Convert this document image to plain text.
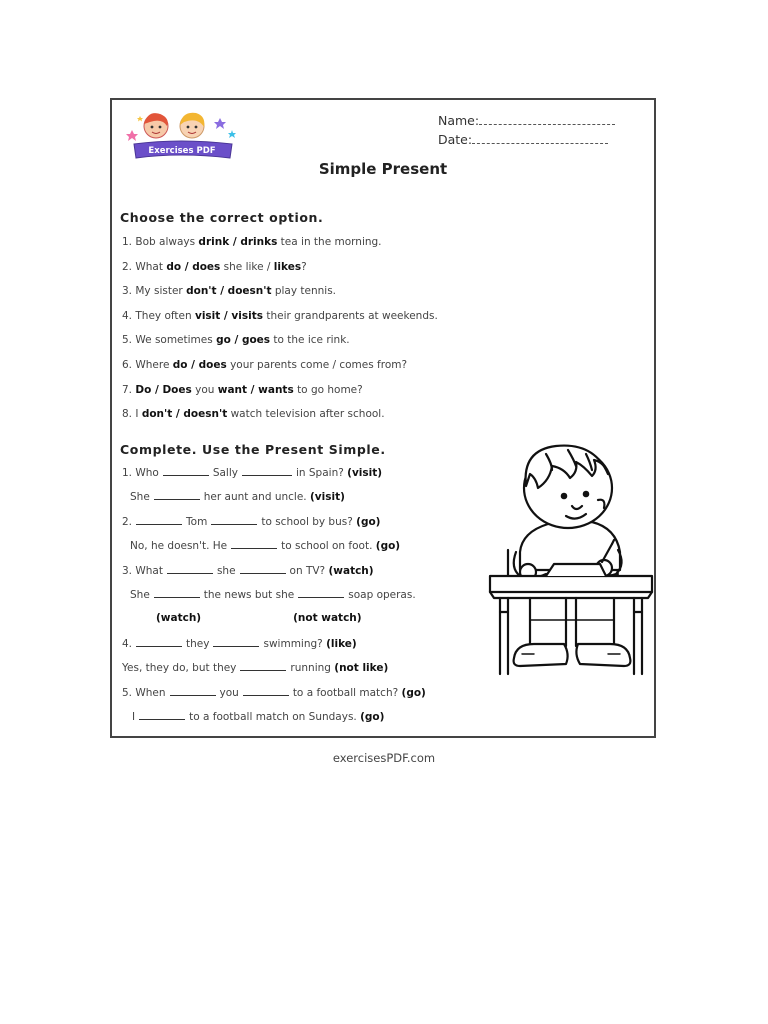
Exercises PDF
Name:
Date:
Simple Present
Choose the correct option.
1. Bob always drink / drinks tea in the morning.
2. What do / does she like / likes?
3. My sister don't / doesn't play tennis.
4. They often visit / visits their grandparents at weekends.
5. We sometimes go / goes to the ice rink.
6. Where do / does your parents come / comes from?
7. Do / Does you want / wants to go home?
8. I don't / doesn't watch television after school.
Complete. Use the Present Simple.
1. Who	Sally	in Spain? (visit)
She	her aunt and uncle. (visit)
2.	Tom	to school by bus? (go)
No, he doesn't. He	to school on foot. (go)
3. What	she	on TV? (watch)
She	the news but she	soap operas.
(watch)	(not watch)
4.	they	swimming? (like)
Yes, they do, but they	running (not like)
5. When	you	to a football match? (go)
I	to a football match on Sundays. (go)
exercisesPDF.com
